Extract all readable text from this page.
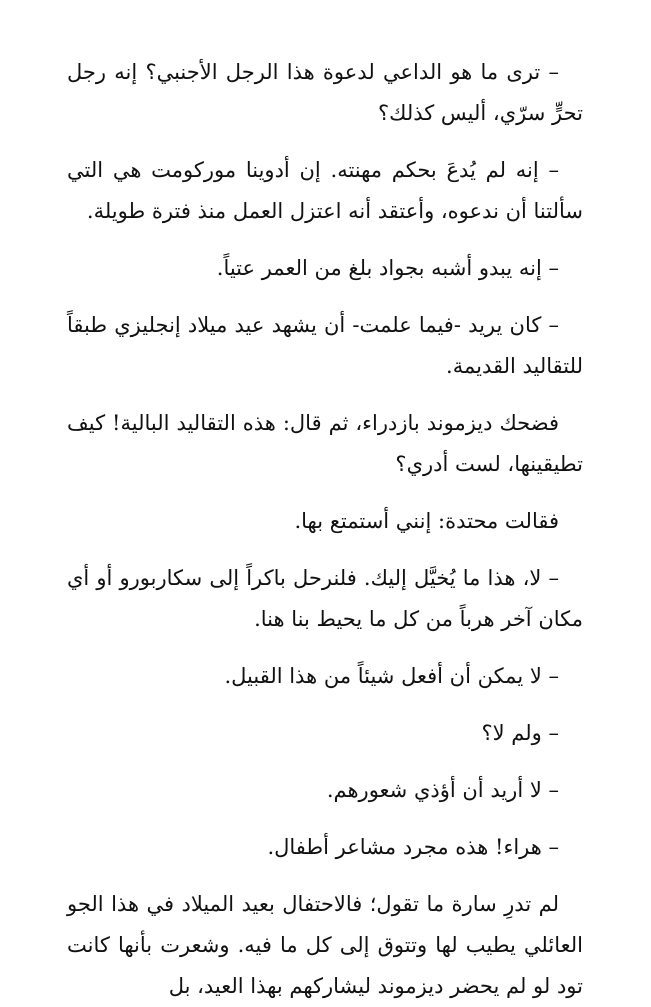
– ترى ما هو الداعي لدعوة هذا الرجل الأجنبي؟ إنه رجل تحرٍّ سرّي، أليس كذلك؟

– إنه لم يُدعَ بحكم مهنته. إن أدوينا موركومت هي التي سألتنا أن ندعوه، وأعتقد أنه اعتزل العمل منذ فترة طويلة.

– إنه يبدو أشبه بجواد بلغ من العمر عتياً.

– كان يريد -فيما علمت- أن يشهد عيد ميلاد إنجليزي طبقاً للتقاليد القديمة.

فضحك ديزموند بازدراء، ثم قال: هذه التقاليد البالية! كيف تطيقينها، لست أدري؟

فقالت محتدة: إنني أستمتع بها.

– لا، هذا ما يُخيَّل إليك. فلنرحل باكراً إلى سكاربورو أو أي مكان آخر هرباً من كل ما يحيط بنا هنا.

– لا يمكن أن أفعل شيئاً من هذا القبيل.

– ولم لا؟

– لا أريد أن أؤذي شعورهم.

– هراء! هذه مجرد مشاعر أطفال.

لم تدرِ سارة ما تقول؛ فالاحتفال بعيد الميلاد في هذا الجو العائلي يطيب لها وتتوق إلى كل ما فيه. وشعرت بأنها كانت تود لو لم يحضر ديزموند ليشاركهم بهذا العيد، بل
